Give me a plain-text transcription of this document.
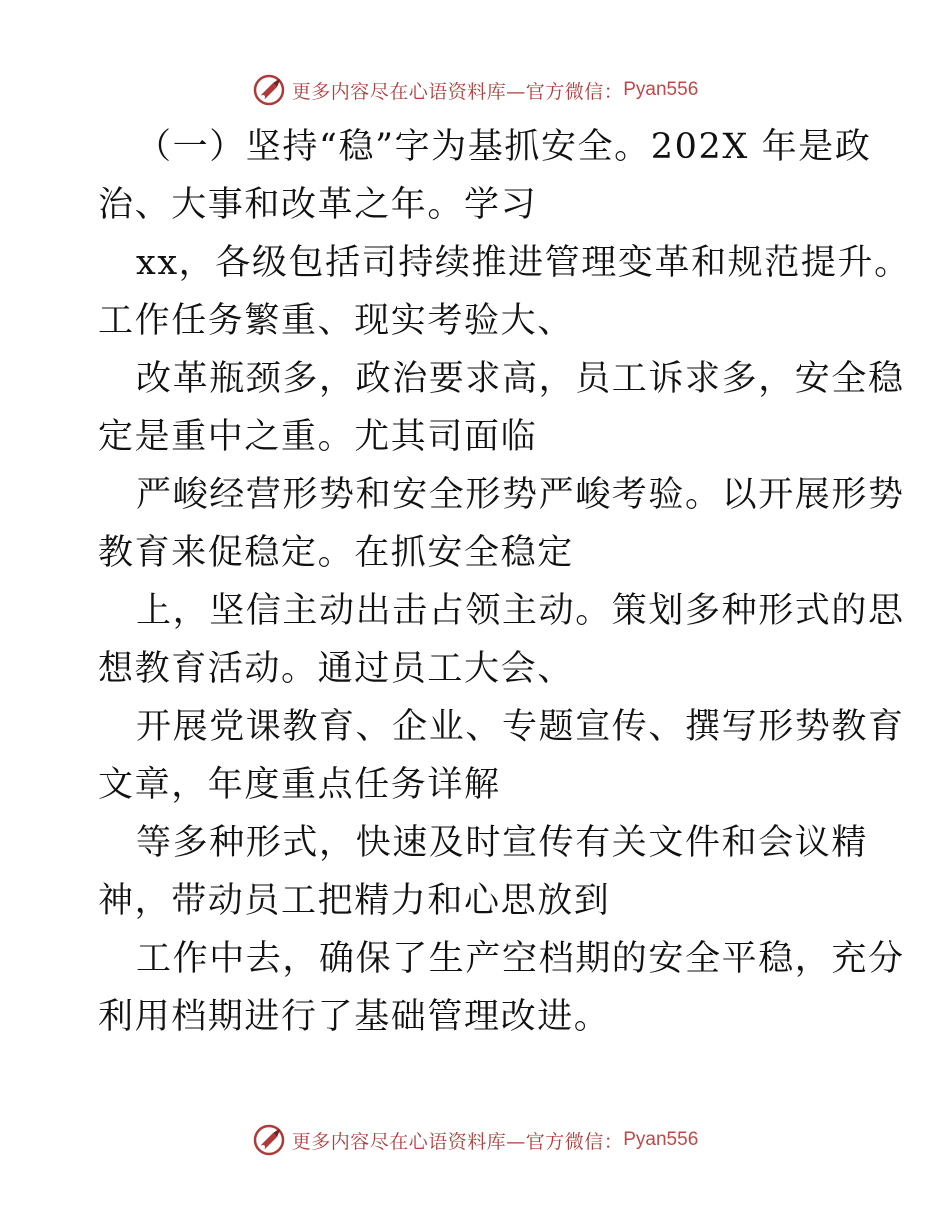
更多内容尽在心语资料库—官方微信： Pyan556
（一）坚持“稳”字为基抓安全。202X 年是政
治、大事和改革之年。学习
xx，各级包括司持续推进管理变革和规范提升。
工作任务繁重、现实考验大、
改革瓶颈多，政治要求高，员工诉求多，安全稳
定是重中之重。尤其司面临
严峻经营形势和安全形势严峻考验。以开展形势
教育来促稳定。在抓安全稳定
上，坚信主动出击占领主动。策划多种形式的思
想教育活动。通过员工大会、
开展党课教育、企业、专题宣传、撰写形势教育
文章，年度重点任务详解
等多种形式，快速及时宣传有关文件和会议精
神，带动员工把精力和心思放到
工作中去，确保了生产空档期的安全平稳，充分
利用档期进行了基础管理改进。
更多内容尽在心语资料库—官方微信： Pyan556
